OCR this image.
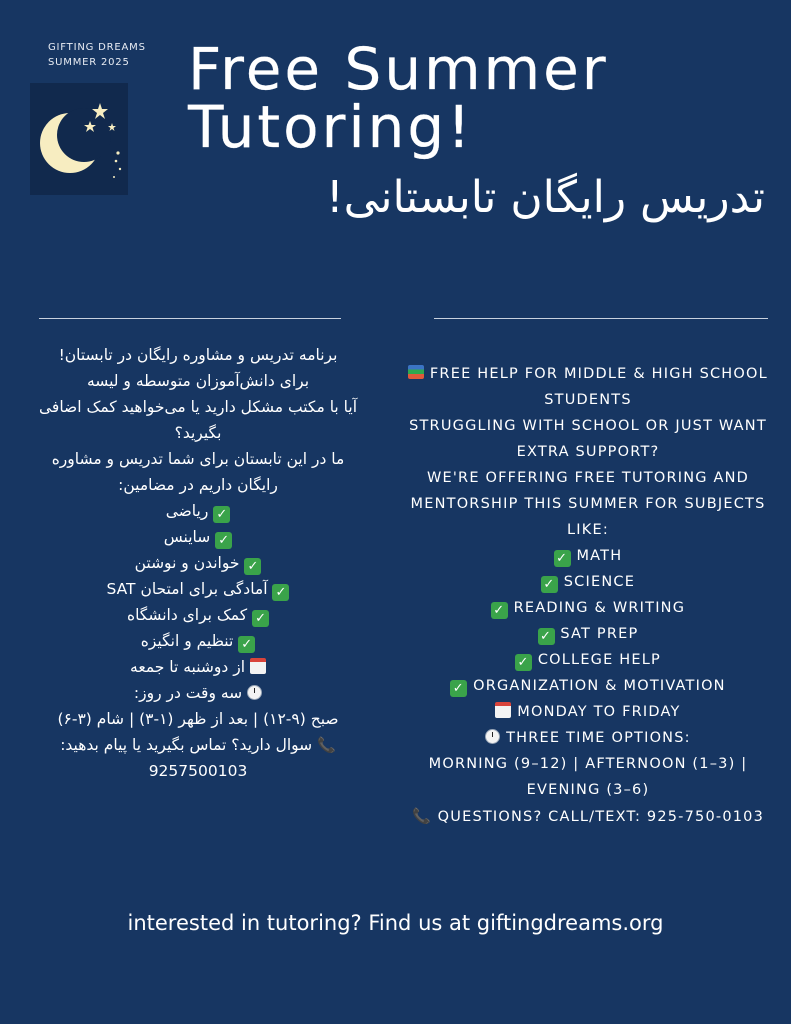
GIFTING DREAMS
SUMMER 2025 Free Summer
Tutoring!
تدریس رایگان تابستانی!
برنامه تدریس و مشاوره رایگان در تابستان!
برای دانش‌آموزان متوسطه و لیسه
آیا با مکتب مشکل دارید یا می‌خواهید کمک اضافی بگیرید؟
ما در این تابستان برای شما تدریس و مشاوره رایگان داریم در مضامین:
✓ ریاضی
✓ ساینس
✓ خواندن و نوشتن
✓ آمادگی برای امتحان SAT
✓ کمک برای دانشگاه
✓ تنظیم و انگیزه
از دوشنبه تا جمعه
سه وقت در روز:
صبح (۹-۱۲) | بعد از ظهر (۱-۳) | شام (۳-۶)
📞 سوال دارید؟ تماس بگیرید یا پیام بدهید: 9257500103
FREE HELP FOR MIDDLE & HIGH SCHOOL STUDENTS
STRUGGLING WITH SCHOOL OR JUST WANT EXTRA SUPPORT?
WE'RE OFFERING FREE TUTORING AND MENTORSHIP THIS SUMMER FOR SUBJECTS LIKE:
✓ MATH
✓ SCIENCE
✓ READING & WRITING
✓ SAT PREP
✓ COLLEGE HELP
✓ ORGANIZATION & MOTIVATION
MONDAY TO FRIDAY
THREE TIME OPTIONS:
MORNING (9–12) | AFTERNOON (1–3) | EVENING (3–6)
📞 QUESTIONS? CALL/TEXT: 925-750-0103
interested in tutoring? Find us at giftingdreams.org
